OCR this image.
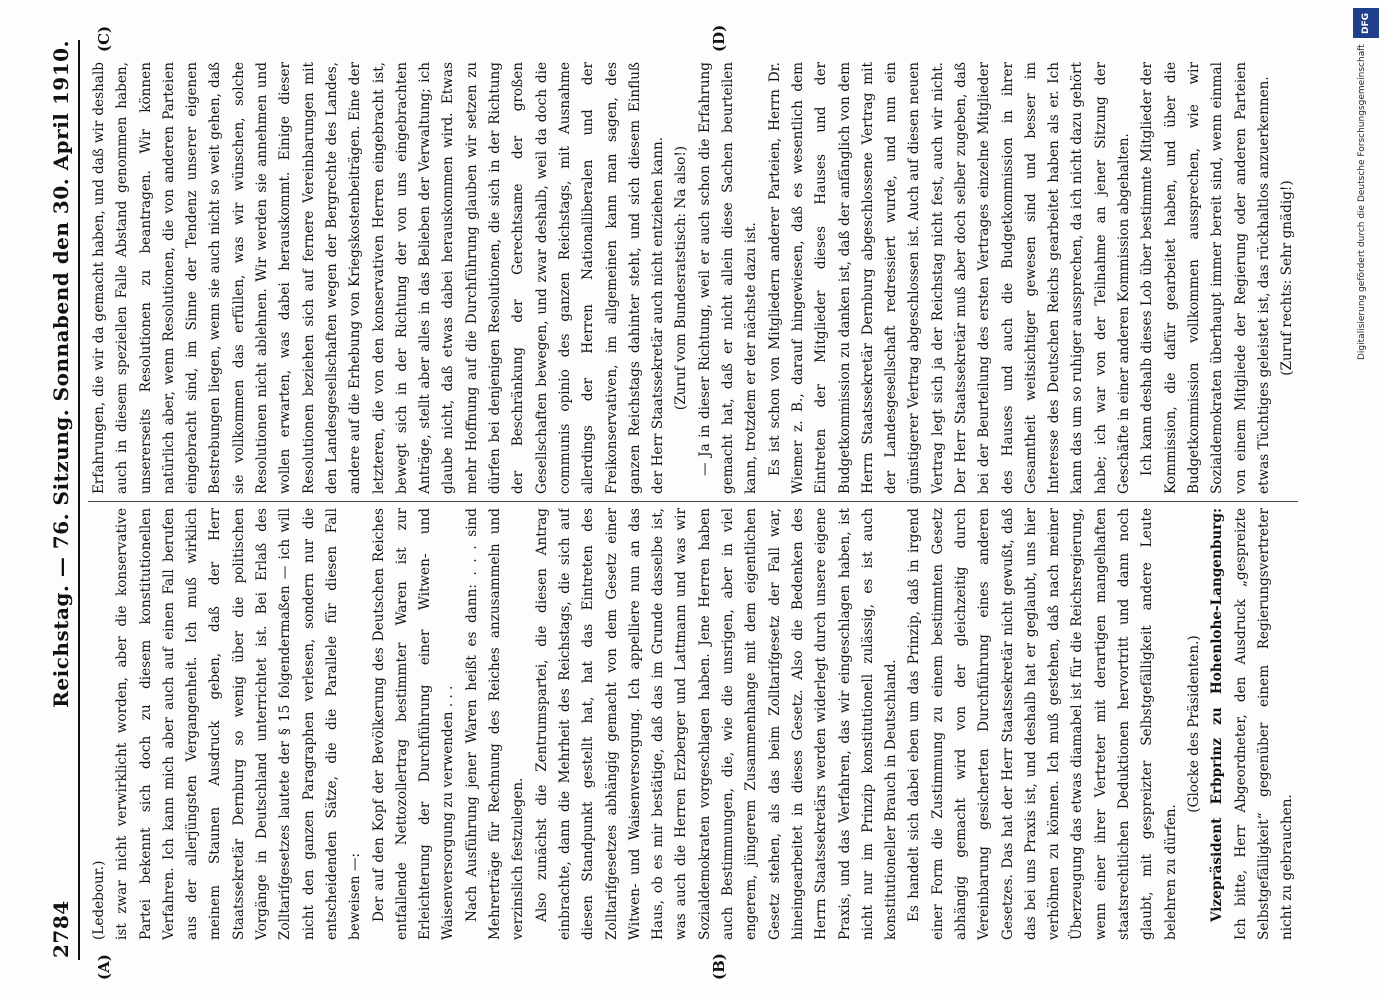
2784
Reichstag. — 76. Sitzung. Sonnabend den 30. April 1910.
(A)	(B)
(C)	(D)

(Ledebour.) ist zwar nicht verwirklicht worden, aber die konservative Partei bekennt sich doch zu diesem konstitutionellen Verfahren. Ich kann mich aber auch auf einen Fall berufen aus der allerjüngsten Vergangenheit. Ich muß wirklich meinem Staunen Ausdruck geben, daß der Herr Staatssekretär Dernburg so wenig über die politischen Vorgänge in Deutschland unterrichtet ist. Bei Erlaß des Zolltarifgesetzes lautete der § 15 folgendermaßen — ich will nicht den ganzen Paragraphen verlesen, sondern nur die entscheidenden Sätze, die die Parallele für diesen Fall beweisen —: Der auf den Kopf der Bevölkerung des Deutschen Reiches entfallende Nettozollertrag bestimmter Waren ist zur Erleichterung der Durchführung einer Witwen- und Waisenversorgung zu verwenden . . . Nach Ausführung jener Waren heißt es dann: . . . sind Mehrerträge für Rechnung des Reiches anzusammeln und verzinslich festzulegen. Also zunächst die Zentrumspartei, die diesen Antrag einbrachte, dann die Mehrheit des Reichstags, die sich auf diesen Standpunkt gestellt hat, hat das Eintreten des Zolltarifgesetzes abhängig gemacht von dem Gesetz einer Witwen- und Waisenversorgung. Ich appelliere nun an das Haus, ob es mir bestätige, daß das im Grunde dasselbe ist, was auch die Herren Erzberger und Lattmann und was wir Sozialdemokraten vorgeschlagen haben. Jene Herren haben auch Bestimmungen, die, wie die unsrigen, aber in viel engerem, jüngerem Zusammenhange mit dem eigentlichen Gesetz stehen, als das beim Zolltarifgesetz der Fall war, hineingearbeitet in dieses Gesetz. Also die Bedenken des Herrn Staatssekretärs werden widerlegt durch unsere eigene Praxis, und das Verfahren, das wir eingeschlagen haben, ist nicht nur im Prinzip konstitutionell zulässig, es ist auch konstitutioneller Brauch in Deutschland. Es handelt sich dabei eben um das Prinzip, daß in irgend einer Form die Zustimmung zu einem bestimmten Gesetz abhängig gemacht wird von der gleichzeitig durch Vereinbarung gesicherten Durchführung eines anderen Gesetzes. Das hat der Herr Staatssekretär nicht gewußt, daß das bei uns Praxis ist, und deshalb hat er geglaubt, uns hier verhöhnen zu können. Ich muß gestehen, daß nach meiner Überzeugung das etwas diamabel ist für die Reichsregierung, wenn einer ihrer Vertreter mit derartigen mangelhaften staatsrechtlichen Deduktionen hervortritt und dann noch glaubt, mit gespreizter Selbstgefälligkeit andere Leute belehren zu dürfen.

(Glocke des Präsidenten.) Vizepräsident Erbprinz zu Hohenlohe-Langenburg: Ich bitte, Herr Abgeordneter, den Ausdruck „gespreizte Selbstgefälligkeit“ gegenüber einem Regierungsvertreter nicht zu gebrauchen.

Erfahrungen, die wir da gemacht haben, und daß wir deshalb auch in diesem speziellen Falle Abstand genommen haben, unsererseits Resolutionen zu beantragen. Wir können natürlich aber, wenn Resolutionen, die von anderen Parteien eingebracht sind, im Sinne der Tendenz unserer eigenen Bestrebungen liegen, wenn sie auch nicht so weit gehen, daß sie vollkommen das erfüllen, was wir wünschen, solche Resolutionen nicht ablehnen. Wir werden sie annehmen und wollen erwarten, was dabei herauskommt. Einige dieser Resolutionen beziehen sich auf fernere Vereinbarungen mit den Landesgesellschaften wegen der Bergrechte des Landes, andere auf die Erhebung von Kriegskostenbeiträgen. Eine der letzteren, die von den konservativen Herren eingebracht ist, bewegt sich in der Richtung der von uns eingebrachten Anträge, stellt aber alles in das Belieben der Verwaltung; ich glaube nicht, daß etwas dabei herauskommen wird. Etwas mehr Hoffnung auf die Durchführung glauben wir setzen zu dürfen bei denjenigen Resolutionen, die sich in der Richtung der Beschränkung der Gerechtsame der großen Gesellschaften bewegen, und zwar deshalb, weil da doch die communis opinio des ganzen Reichstags, mit Ausnahme allerdings der Herren Nationalliberalen und der Freikonservativen, im allgemeinen kann man sagen, des ganzen Reichstags dahinter steht, und sich diesem Einfluß der Herr Staatssekretär auch nicht entziehen kann. (Zuruf vom Bundesratstisch: Na also!) — Ja in dieser Richtung, weil er auch schon die Erfahrung gemacht hat, daß er nicht allein diese Sachen beurteilen kann, trotzdem er der nächste dazu ist. Es ist schon von Mitgliedern anderer Parteien, Herrn Dr. Wiemer z. B., darauf hingewiesen, daß es wesentlich dem Eintreten der Mitglieder dieses Hauses und der Budgetkommission zu danken ist, daß der anfänglich von dem Herrn Staatssekretär Dernburg abgeschlossene Vertrag mit der Landesgesellschaft redressiert wurde, und nun ein günstigerer Vertrag abgeschlossen ist. Auch auf diesen neuen Vertrag legt sich ja der Reichstag nicht fest, auch wir nicht. Der Herr Staatssekretär muß aber doch selber zugeben, daß bei der Beurteilung des ersten Vertrages einzelne Mitglieder des Hauses und auch die Budgetkommission in ihrer Gesamtheit weitsichtiger gewesen sind und besser im Interesse des Deutschen Reichs gearbeitet haben als er. Ich kann das um so ruhiger aussprechen, da ich nicht dazu gehört habe; ich war von der Teilnahme an jener Sitzung der Geschäfte in einer anderen Kommission abgehalten. Ich kann deshalb dieses Lob über bestimmte Mitglieder der Kommission, die dafür gearbeitet haben, und über die Budgetkommission vollkommen aussprechen, wie wir Sozialdemokraten überhaupt immer bereit sind, wenn einmal von einem Mitgliede der Regierung oder anderen Parteien etwas Tüchtiges geleistet ist, das rückhaltlos anzuerkennen. (Zuruf rechts: Sehr gnädig!)

DFG
Digitalisierung gefördert durch die Deutsche Forschungsgemeinschaft
